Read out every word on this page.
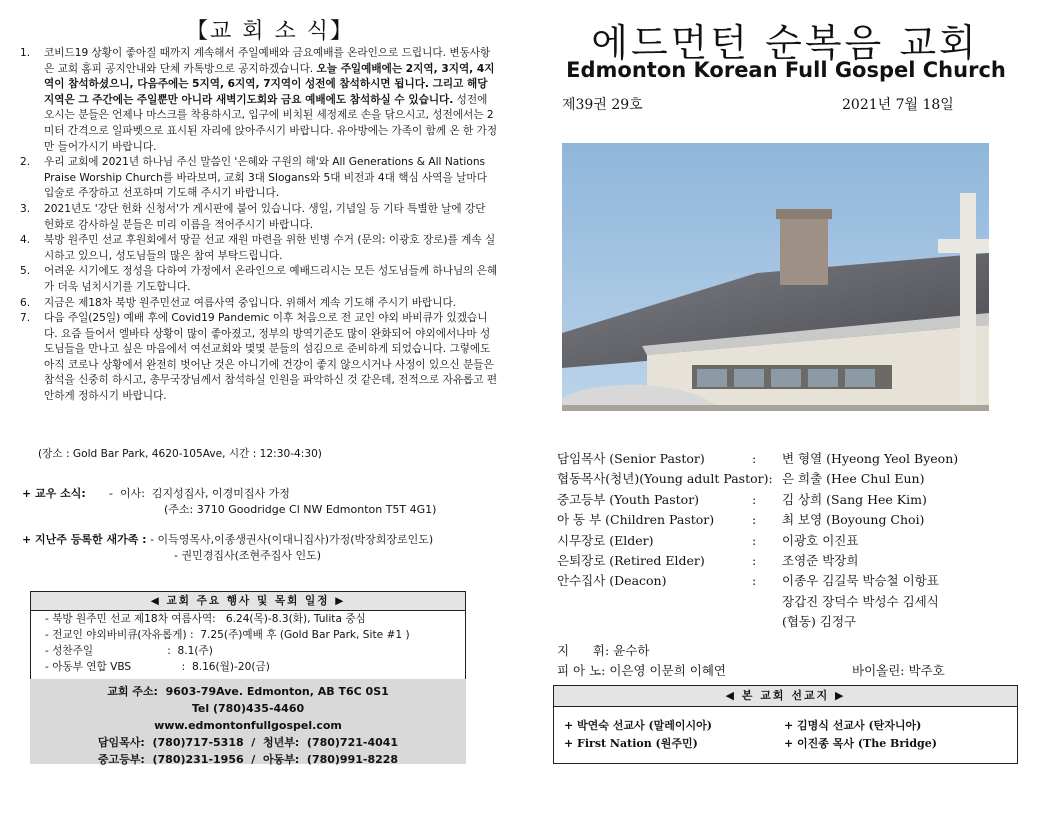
【교 회 소 식】
1. 코비드19 상황이 좋아질 때까지 계속해서 주일예배와 금요예배를 온라인으로 드립니다. 변동사항은 교회 홈피 공지안내와 단체 카톡방으로 공지하겠습니다. 오늘 주일예배에는 2지역, 3지역, 4지역이 참석하셨으니, 다음주에는 5지역, 6지역, 7지역이 성전에 참석하시면 됩니다. 그리고 해당 지역은 그 주간에는 주일뿐만 아니라 새벽기도회와 금요 예배에도 참석하실 수 있습니다. 성전에 오시는 분들은 언제나 마스크를 착용하시고, 입구에 비치된 세정제로 손을 닦으시고, 성전에서는 2미터 간격으로 일파벳으로 표시된 자리에 앉아주시기 바랍니다. 유아방에는 가족이 함께 온 한 가정만 들어가시기 바랍니다.
2. 우리 교회에 2021년 하나님 주신 말씀인 '은혜와 구원의 해'와 All Generations & All Nations Praise Worship Church를 바라보며, 교회 3대 Slogans와 5대 비전과 4대 핵심 사역을 날마다 입술로 주장하고 선포하며 기도해 주시기 바랍니다.
3. 2021년도 '강단 헌화 신청서'가 게시판에 붙어 있습니다. 생일, 기념일 등 기타 특별한 날에 강단 헌화로 감사하실 분들은 미리 이름을 적어주시기 바랍니다.
4. 북방 원주민 선교 후원회에서 땅끝 선교 재원 마련을 위한 빈병 수거 (문의: 이광호 장로)를 계속 실시하고 있으니, 성도님들의 많은 참여 부탁드립니다.
5. 어려운 시기에도 정성을 다하여 가정에서 온라인으로 예배드리시는 모든 성도님들께 하나님의 은혜가 더욱 넘치시기를 기도합니다.
6. 지금은 제18차 북방 원주민선교 여름사역 중입니다. 위해서 계속 기도해 주시기 바랍니다.
7. 다음 주일(25일) 예배 후에 Covid19 Pandemic 이후 처음으로 전 교인 야외 바비큐가 있겠습니다. 요즘 들어서 엘바타 상황이 많이 좋아졌고, 정부의 방역기준도 많이 완화되어 야외에서나마 성도님들을 만나고 싶은 마음에서 여선교회와 몇몇 분들의 섬김으로 준비하게 되었습니다. 그렇에도 아직 코로나 상황에서 완전히 벗어난 것은 아니기에 건강이 좋지 않으시거나 사정이 있으신 분들은 참석을 신중히 하시고, 총무국장님께서 참석하실 인원을 파악하신 것 같은데, 전적으로 자유롭고 편안하게 정하시기 바랍니다.
(장소 : Gold Bar Park, 4620-105Ave, 시간 : 12:30-4:30)
+ 교우 소식:  -  이사:  김지성집사, 이경미집사 가정
(주소: 3710 Goodridge Cl NW Edmonton T5T 4G1)
+ 지난주 등록한 새가족 : - 이득영목사,이종생권사(이대니집사)가정(박장희장로인도)
- 권민경집사(조현주집사 인도)
◀ 교회 주요 행사 및 목회 일정 ▶
- 북방 원주민 선교 제18차 여름사역:   6.24(목)-8.3(화), Tulita 중심
- 전교인 야외바비큐(자유롭게) :  7.25(주)예배 후 (Gold Bar Park, Site #1 )
- 성찬주일                      :  8.1(주)
- 아동부 연합 VBS               :  8.16(월)-20(금)
교회 주소:  9603-79Ave. Edmonton, AB T6C 0S1
Tel (780)435-4460
www.edmontonfullgospel.com
담임목사:  (780)717-5318  /  청년부:  (780)721-4041
중고등부:  (780)231-1956  /  아동부:  (780)991-8228
에드먼턴 순복음 교회
Edmonton Korean Full Gospel Church
제39권 29호	2021년 7월 18일
담임목사 (Senior Pastor)	: 변 형열 (Hyeong Yeol Byeon)
협동목사(청년)(Young adult Pastor): 은 희출 (Hee Chul Eun)
중고등부 (Youth Pastor)	: 김 상희 (Sang Hee Kim)
아 동 부 (Children Pastor)	: 최 보영 (Boyoung Choi)
시무장로 (Elder)	: 이광호 이진표
은퇴장로 (Retired Elder)	: 조영준 박장희
안수집사 (Deacon)	: 이종우 김길묵 박승철 이항표
장갑진 장덕수 박성수 김세식
(협동) 김정구
지      휘: 윤수하
피 아 노: 이은영 이문희 이혜연	바이올린: 박주호
◀ 본 교회 선교지 ▶
+ 박연숙 선교사 (말레이시아)	+ 김명식 선교사 (탄자니아)
+ First Nation (원주민)	+ 이진종 목사 (The Bridge)
